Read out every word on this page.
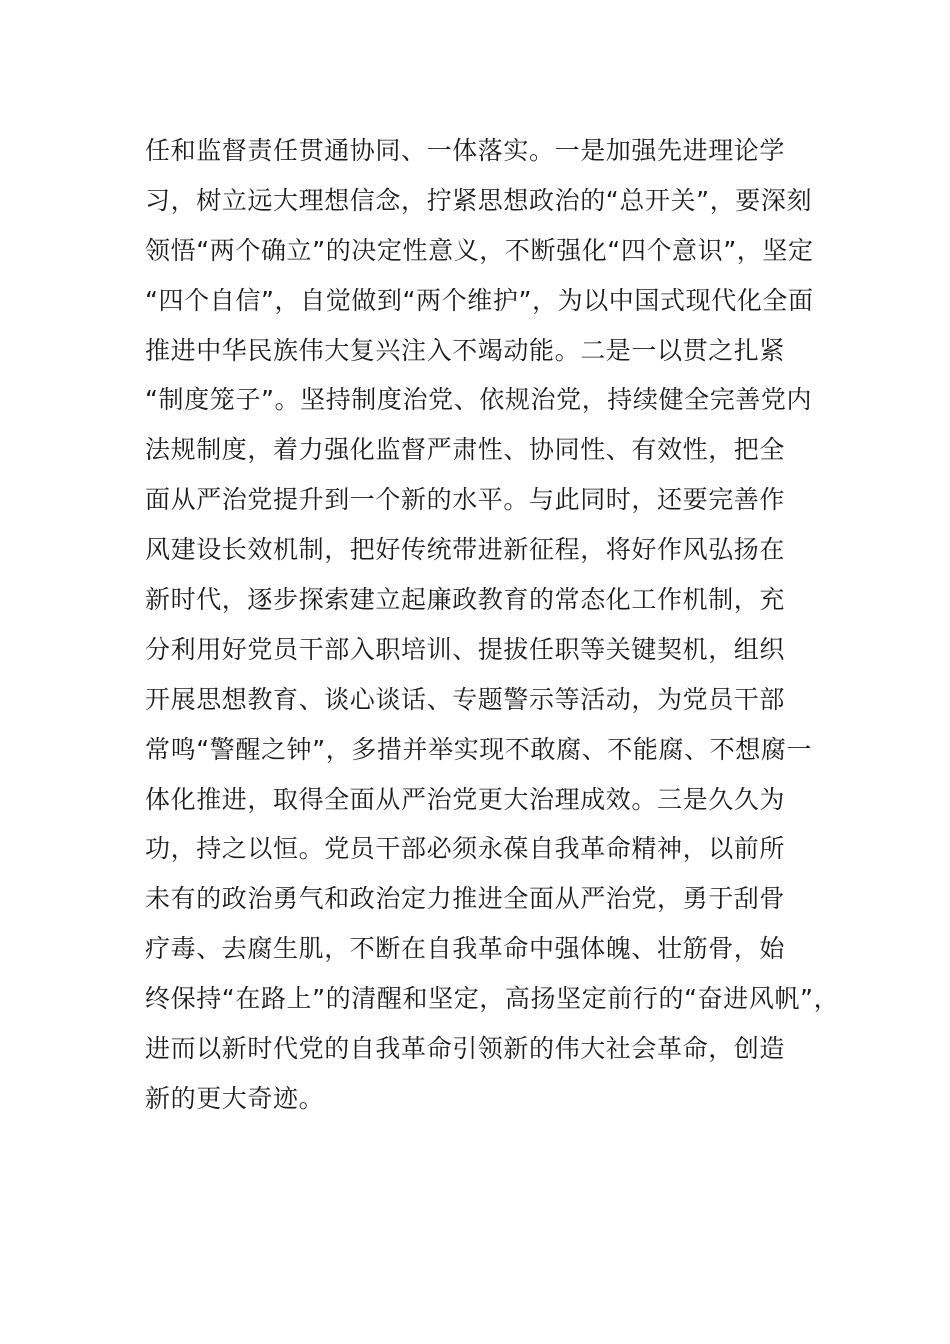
任和监督责任贯通协同、一体落实。一是加强先进理论学
习，树立远大理想信念，拧紧思想政治的“总开关”，要深刻
领悟“两个确立”的决定性意义，不断强化“四个意识”，坚定
“四个自信”，自觉做到“两个维护”，为以中国式现代化全面
推进中华民族伟大复兴注入不竭动能。二是一以贯之扎紧
“制度笼子”。坚持制度治党、依规治党，持续健全完善党内
法规制度，着力强化监督严肃性、协同性、有效性，把全
面从严治党提升到一个新的水平。与此同时，还要完善作
风建设长效机制，把好传统带进新征程，将好作风弘扬在
新时代，逐步探索建立起廉政教育的常态化工作机制，充
分利用好党员干部入职培训、提拔任职等关键契机，组织
开展思想教育、谈心谈话、专题警示等活动，为党员干部
常鸣“警醒之钟”，多措并举实现不敢腐、不能腐、不想腐一
体化推进，取得全面从严治党更大治理成效。三是久久为
功，持之以恒。党员干部必须永葆自我革命精神，以前所
未有的政治勇气和政治定力推进全面从严治党，勇于刮骨
疗毒、去腐生肌，不断在自我革命中强体魄、壮筋骨，始
终保持“在路上”的清醒和坚定，高扬坚定前行的“奋进风帆”，
进而以新时代党的自我革命引领新的伟大社会革命，创造
新的更大奇迹。
